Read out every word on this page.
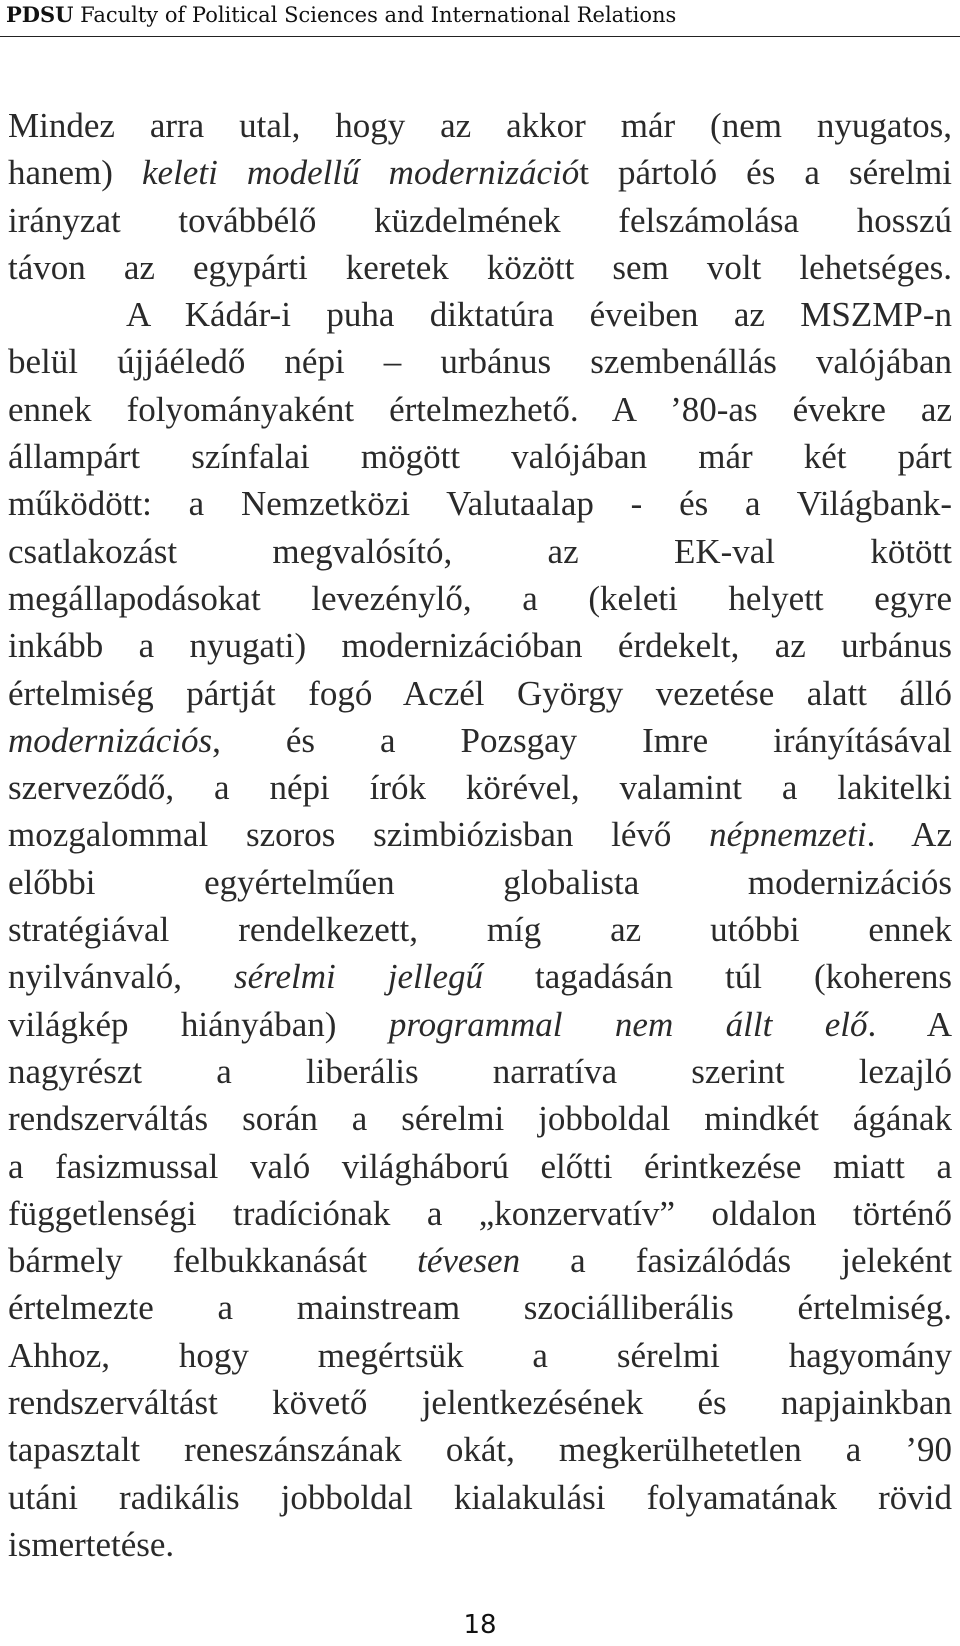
PDSU Faculty of Political Sciences and International Relations
Mindez arra utal, hogy az akkor már (nem nyugatos,
hanem) keleti modellű modernizációt pártoló és a sérelmi
irányzat továbbélő küzdelmének felszámolása hosszú
távon az egypárti keretek között sem volt lehetséges.
A Kádár-i puha diktatúra éveiben az MSZMP-n
belül újjáéledő népi – urbánus szembenállás valójában
ennek folyományaként értelmezhető. A ’80-as évekre az
állampárt színfalai mögött valójában már két párt
működött: a Nemzetközi Valutaalap - és a Világbank-
csatlakozást megvalósító, az EK-val kötött
megállapodásokat levezénylő, a (keleti helyett egyre
inkább a nyugati) modernizációban érdekelt, az urbánus
értelmiség pártját fogó Aczél György vezetése alatt álló
modernizációs, és a Pozsgay Imre irányításával
szerveződő, a népi írók körével, valamint a lakitelki
mozgalommal szoros szimbiózisban lévő népnemzeti. Az
előbbi egyértelműen globalista modernizációs
stratégiával rendelkezett, míg az utóbbi ennek
nyilvánvaló, sérelmi jellegű tagadásán túl (koherens
világkép hiányában) programmal nem állt elő. A
nagyrészt a liberális narratíva szerint lezajló
rendszerváltás során a sérelmi jobboldal mindkét ágának
a fasizmussal való világháború előtti érintkezése miatt a
függetlenségi tradíciónak a „konzervatív” oldalon történő
bármely felbukkanását tévesen a fasizálódás jeleként
értelmezte a mainstream szociálliberális értelmiség.
Ahhoz, hogy megértsük a sérelmi hagyomány
rendszerváltást követő jelentkezésének és napjainkban
tapasztalt reneszánszának okát, megkerülhetetlen a ’90
utáni radikális jobboldal kialakulási folyamatának rövid
ismertetése.
18
